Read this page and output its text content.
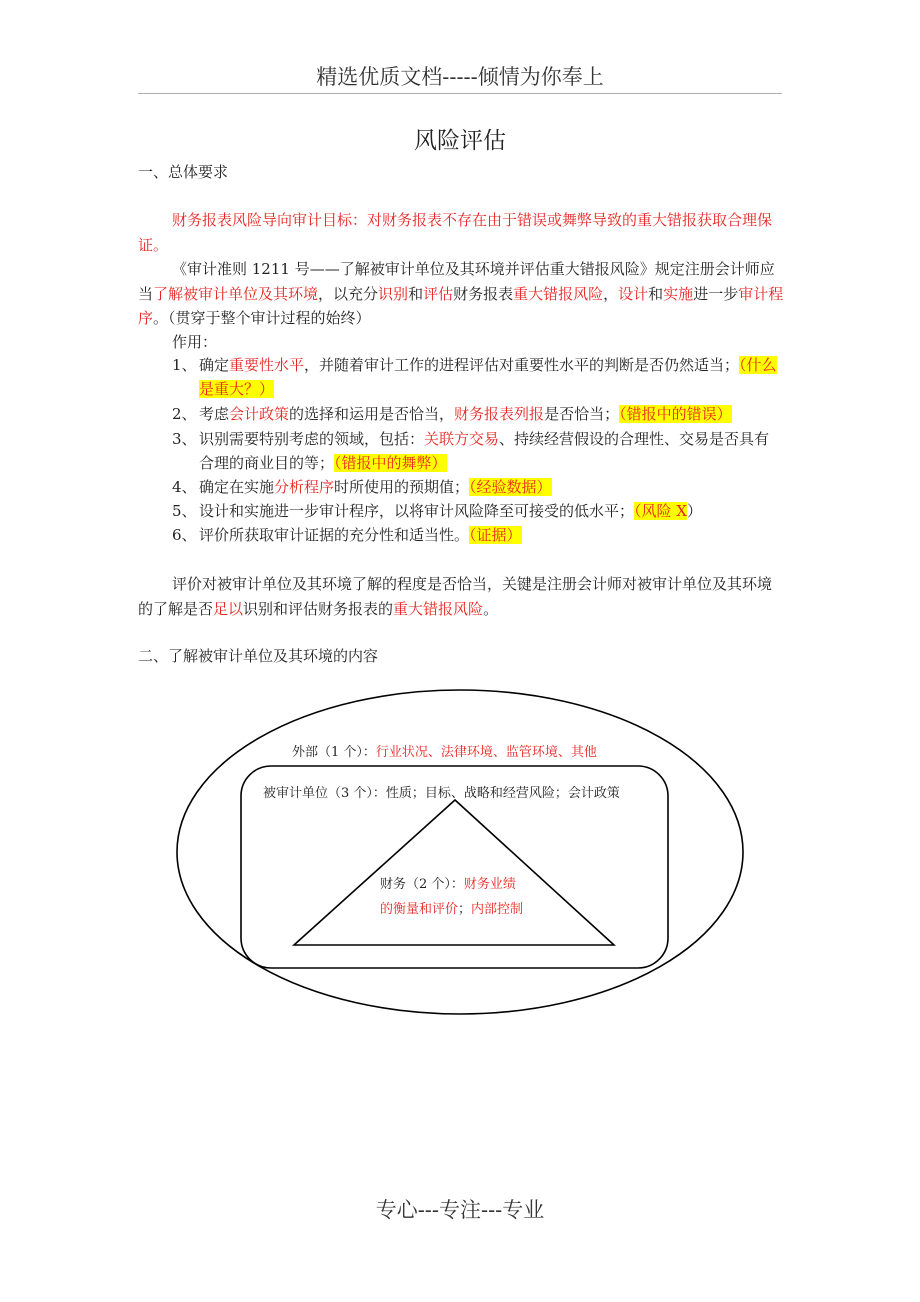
精选优质文档-----倾情为你奉上
风险评估
一、总体要求
财务报表风险导向审计目标：对财务报表不存在由于错误或舞弊导致的重大错报获取合理保证。
《审计准则 1211 号——了解被审计单位及其环境并评估重大错报风险》规定注册会计师应当了解被审计单位及其环境，以充分识别和评估财务报表重大错报风险，设计和实施进一步审计程序。（贯穿于整个审计过程的始终）
作用：
1、 确定重要性水平，并随着审计工作的进程评估对重要性水平的判断是否仍然适当；（什么是重大？）
2、 考虑会计政策的选择和运用是否恰当，财务报表列报是否恰当；（错报中的错误）
3、 识别需要特别考虑的领域，包括：关联方交易、持续经营假设的合理性、交易是否具有合理的商业目的等；（错报中的舞弊）
4、 确定在实施分析程序时所使用的预期值；（经验数据）
5、 设计和实施进一步审计程序，以将审计风险降至可接受的低水平；（风险 X）
6、 评价所获取审计证据的充分性和适当性。（证据）
评价对被审计单位及其环境了解的程度是否恰当，关键是注册会计师对被审计单位及其环境的了解是否足以识别和评估财务报表的重大错报风险。
二、了解被审计单位及其环境的内容
外部（1 个）：行业状况、法律环境、监管环境、其他
被审计单位（3 个）：性质；目标、战略和经营风险；会计政策
财务（2 个）：财务业绩
的衡量和评价；内部控制
专心---专注---专业
